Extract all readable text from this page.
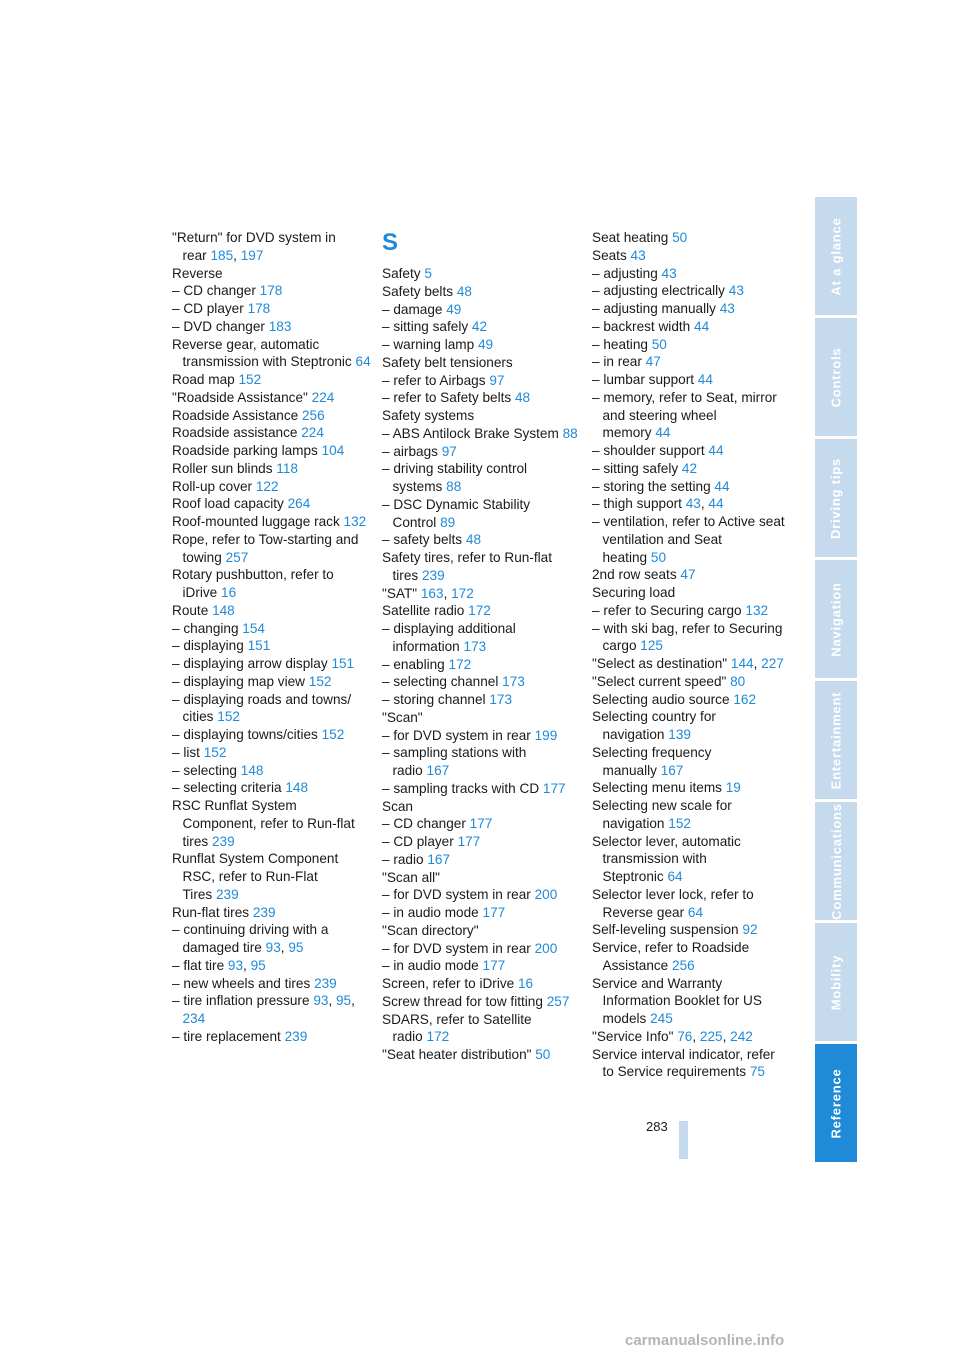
"Return" for DVD system in rear 185, 197
Reverse
– CD changer 178
– CD player 178
– DVD changer 183
Reverse gear, automatic transmission with Steptronic 64
Road map 152
"Roadside Assistance" 224
Roadside Assistance 256
Roadside assistance 224
Roadside parking lamps 104
Roller sun blinds 118
Roll-up cover 122
Roof load capacity 264
Roof-mounted luggage rack 132
Rope, refer to Tow-starting and towing 257
Rotary pushbutton, refer to iDrive 16
Route 148
– changing 154
– displaying 151
– displaying arrow display 151
– displaying map view 152
– displaying roads and towns/ cities 152
– displaying towns/cities 152
– list 152
– selecting 148
– selecting criteria 148
RSC Runflat System Component, refer to Run-flat tires 239
Runflat System Component RSC, refer to Run-Flat Tires 239
Run-flat tires 239
– continuing driving with a damaged tire 93, 95
– flat tire 93, 95
– new wheels and tires 239
– tire inflation pressure 93, 95, 234
– tire replacement 239
S
Safety 5
Safety belts 48
– damage 49
– sitting safely 42
– warning lamp 49
Safety belt tensioners
– refer to Airbags 97
– refer to Safety belts 48
Safety systems
– ABS Antilock Brake System 88
– airbags 97
– driving stability control systems 88
– DSC Dynamic Stability Control 89
– safety belts 48
Safety tires, refer to Run-flat tires 239
"SAT" 163, 172
Satellite radio 172
– displaying additional information 173
– enabling 172
– selecting channel 173
– storing channel 173
"Scan"
– for DVD system in rear 199
– sampling stations with radio 167
– sampling tracks with CD 177
Scan
– CD changer 177
– CD player 177
– radio 167
"Scan all"
– for DVD system in rear 200
– in audio mode 177
"Scan directory"
– for DVD system in rear 200
– in audio mode 177
Screen, refer to iDrive 16
Screw thread for tow fitting 257
SDARS, refer to Satellite radio 172
"Seat heater distribution" 50
Seat heating 50
Seats 43
– adjusting 43
– adjusting electrically 43
– adjusting manually 43
– backrest width 44
– heating 50
– in rear 47
– lumbar support 44
– memory, refer to Seat, mirror and steering wheel memory 44
– shoulder support 44
– sitting safely 42
– storing the setting 44
– thigh support 43, 44
– ventilation, refer to Active seat ventilation and Seat heating 50
2nd row seats 47
Securing load
– refer to Securing cargo 132
– with ski bag, refer to Securing cargo 125
"Select as destination" 144, 227
"Select current speed" 80
Selecting audio source 162
Selecting country for navigation 139
Selecting frequency manually 167
Selecting menu items 19
Selecting new scale for navigation 152
Selector lever, automatic transmission with Steptronic 64
Selector lever lock, refer to Reverse gear 64
Self-leveling suspension 92
Service, refer to Roadside Assistance 256
Service and Warranty Information Booklet for US models 245
"Service Info" 76, 225, 242
Service interval indicator, refer to Service requirements 75
283
At a glance
Controls
Driving tips
Navigation
Entertainment
Communications
Mobility
Reference
carmanualsonline.info
